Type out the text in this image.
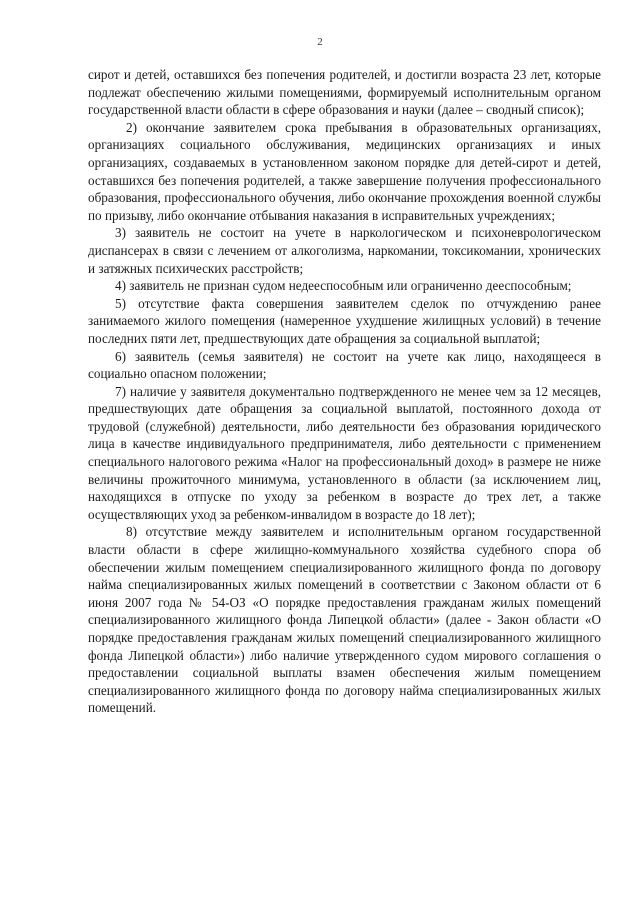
2

сирот и детей, оставшихся без попечения родителей, и достигли возраста 23 лет, которые подлежат обеспечению жилыми помещениями, формируемый исполнительным органом государственной власти области в сфере образования и науки (далее – сводный список);

2) окончание заявителем срока пребывания в образовательных организациях, организациях социального обслуживания, медицинских организациях и иных организациях, создаваемых в установленном законом порядке для детей-сирот и детей, оставшихся без попечения родителей, а также завершение получения профессионального образования, профессионального обучения, либо окончание прохождения военной службы по призыву, либо окончание отбывания наказания в исправительных учреждениях;

3) заявитель не состоит на учете в наркологическом и психоневрологическом диспансерах в связи с лечением от алкоголизма, наркомании, токсикомании, хронических и затяжных психических расстройств;

4) заявитель не признан судом недееспособным или ограниченно дееспособным;

5) отсутствие факта совершения заявителем сделок по отчуждению ранее занимаемого жилого помещения (намеренное ухудшение жилищных условий) в течение последних пяти лет, предшествующих дате обращения за социальной выплатой;

6) заявитель (семья заявителя) не состоит на учете как лицо, находящееся в социально опасном положении;

7) наличие у заявителя документально подтвержденного не менее чем за 12 месяцев, предшествующих дате обращения за социальной выплатой, постоянного дохода от трудовой (служебной) деятельности, либо деятельности без образования юридического лица в качестве индивидуального предпринимателя, либо деятельности с применением специального налогового режима «Налог на профессиональный доход» в размере не ниже величины прожиточного минимума, установленного в области (за исключением лиц, находящихся в отпуске по уходу за ребенком в возрасте до трех лет, а также осуществляющих уход за ребенком-инвалидом в возрасте до 18 лет);

8) отсутствие между заявителем и исполнительным органом государственной власти области в сфере жилищно-коммунального хозяйства судебного спора об обеспечении жилым помещением специализированного жилищного фонда по договору найма специализированных жилых помещений в соответствии с Законом области от 6 июня 2007 года № 54-ОЗ «О порядке предоставления гражданам жилых помещений специализированного жилищного фонда Липецкой области» (далее - Закон области «О порядке предоставления гражданам жилых помещений специализированного жилищного фонда Липецкой области») либо наличие утвержденного судом мирового соглашения о предоставлении социальной выплаты взамен обеспечения жилым помещением специализированного жилищного фонда по договору найма специализированных жилых помещений.
